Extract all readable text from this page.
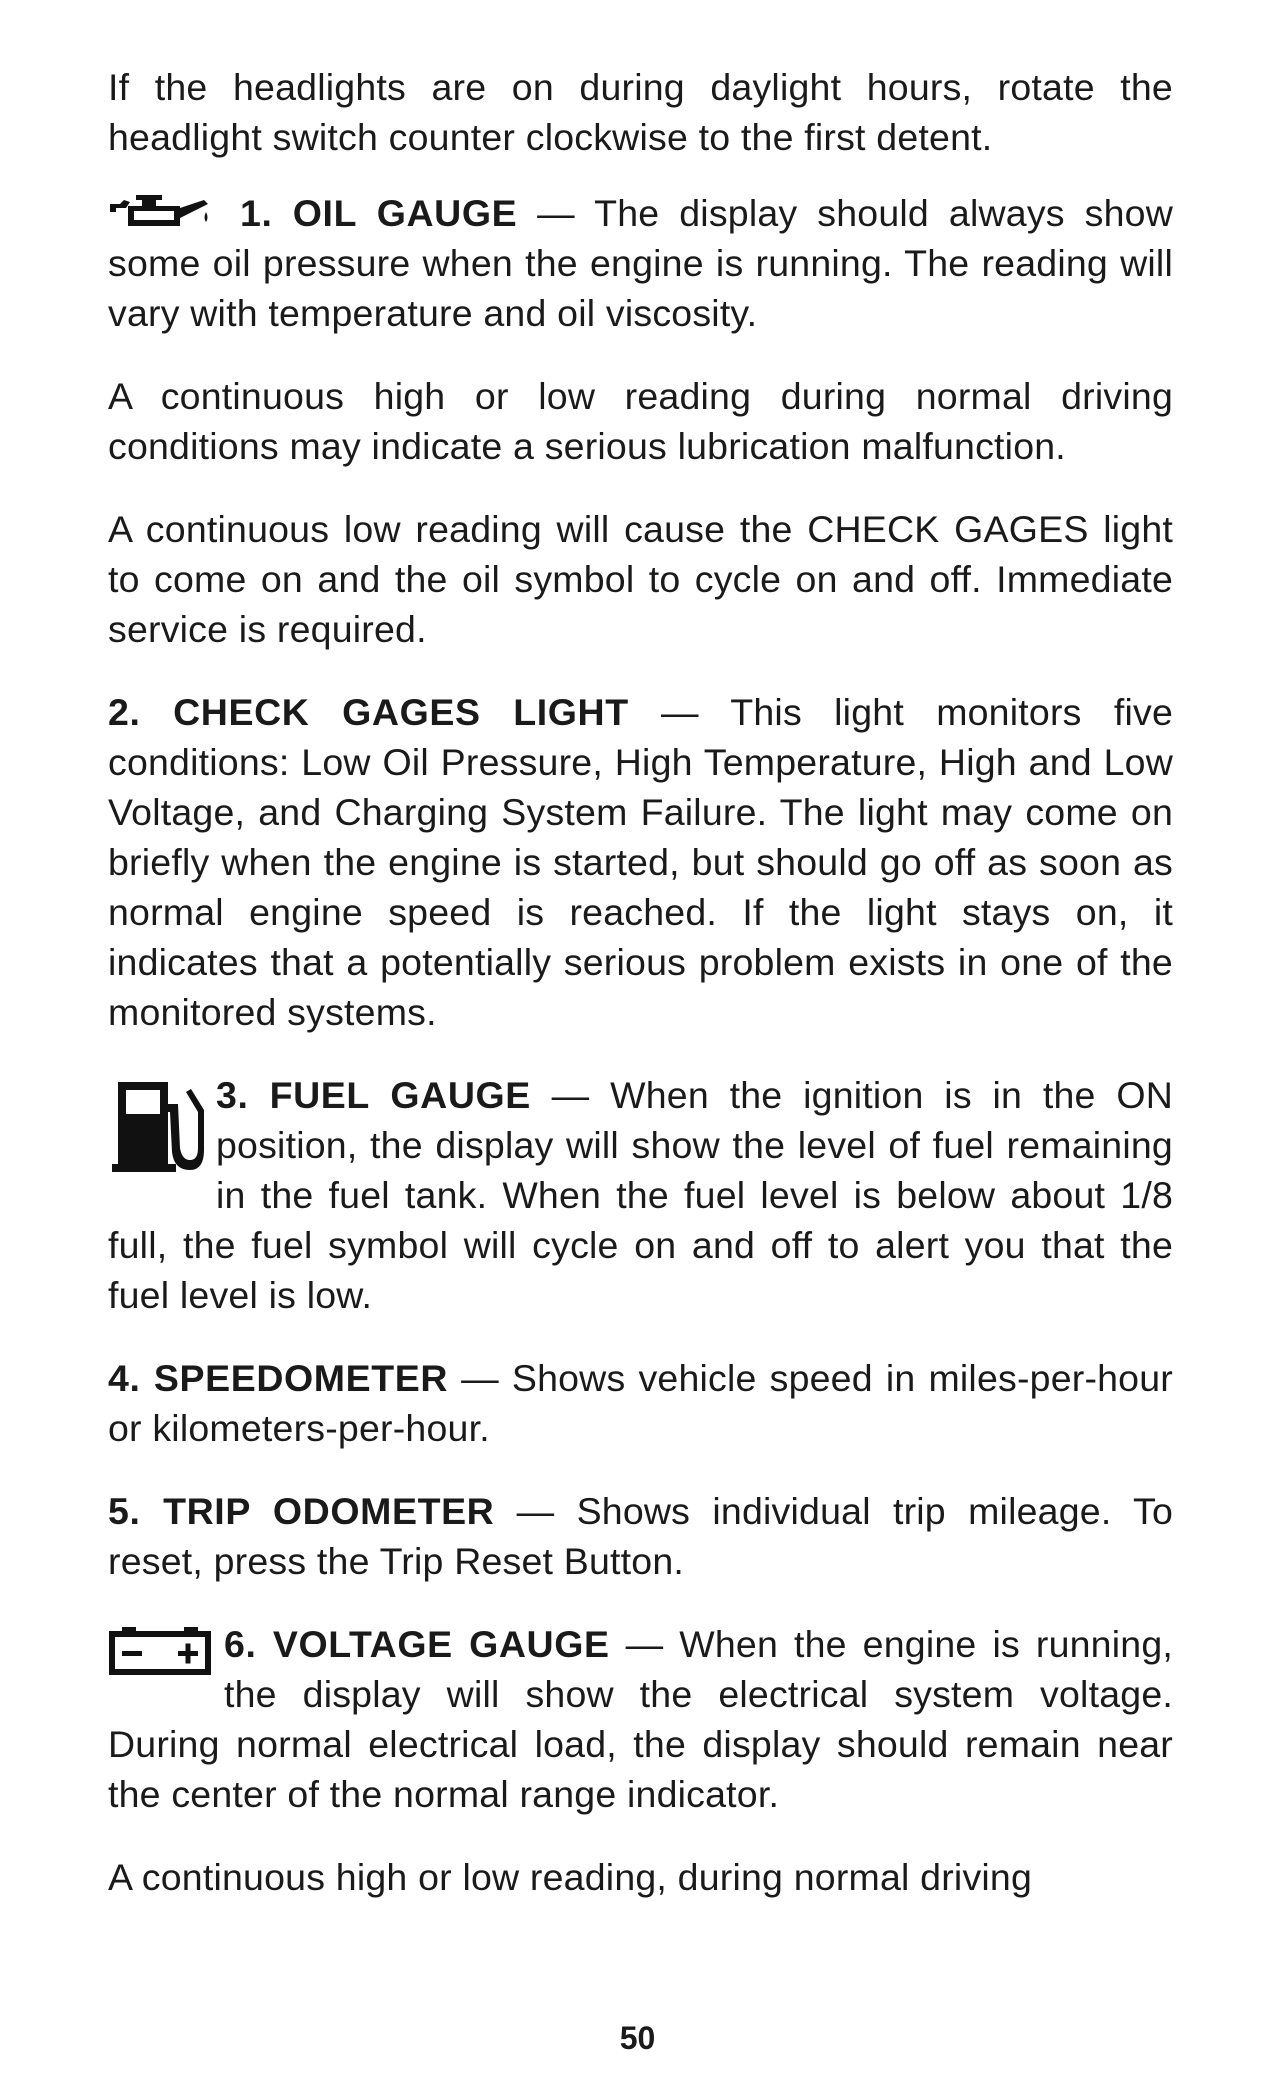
If the headlights are on during daylight hours, rotate the headlight switch counter clockwise to the first detent.

1. OIL GAUGE — The display should always show some oil pressure when the engine is running. The reading will vary with temperature and oil viscosity.

A continuous high or low reading during normal driving conditions may indicate a serious lubrication malfunction.

A continuous low reading will cause the CHECK GAGES light to come on and the oil symbol to cycle on and off. Immediate service is required.

2. CHECK GAGES LIGHT — This light monitors five conditions: Low Oil Pressure, High Temperature, High and Low Voltage, and Charging System Failure. The light may come on briefly when the engine is started, but should go off as soon as normal engine speed is reached. If the light stays on, it indicates that a potentially serious problem exists in one of the monitored systems.

3. FUEL GAUGE — When the ignition is in the ON position, the display will show the level of fuel remaining in the fuel tank. When the fuel level is below about 1/8 full, the fuel symbol will cycle on and off to alert you that the fuel level is low.

4. SPEEDOMETER — Shows vehicle speed in miles-per-hour or kilometers-per-hour.

5. TRIP ODOMETER — Shows individual trip mileage. To reset, press the Trip Reset Button.

6. VOLTAGE GAUGE — When the engine is running, the display will show the electrical system voltage. During normal electrical load, the display should remain near the center of the normal range indicator.

A continuous high or low reading, during normal driving

50
